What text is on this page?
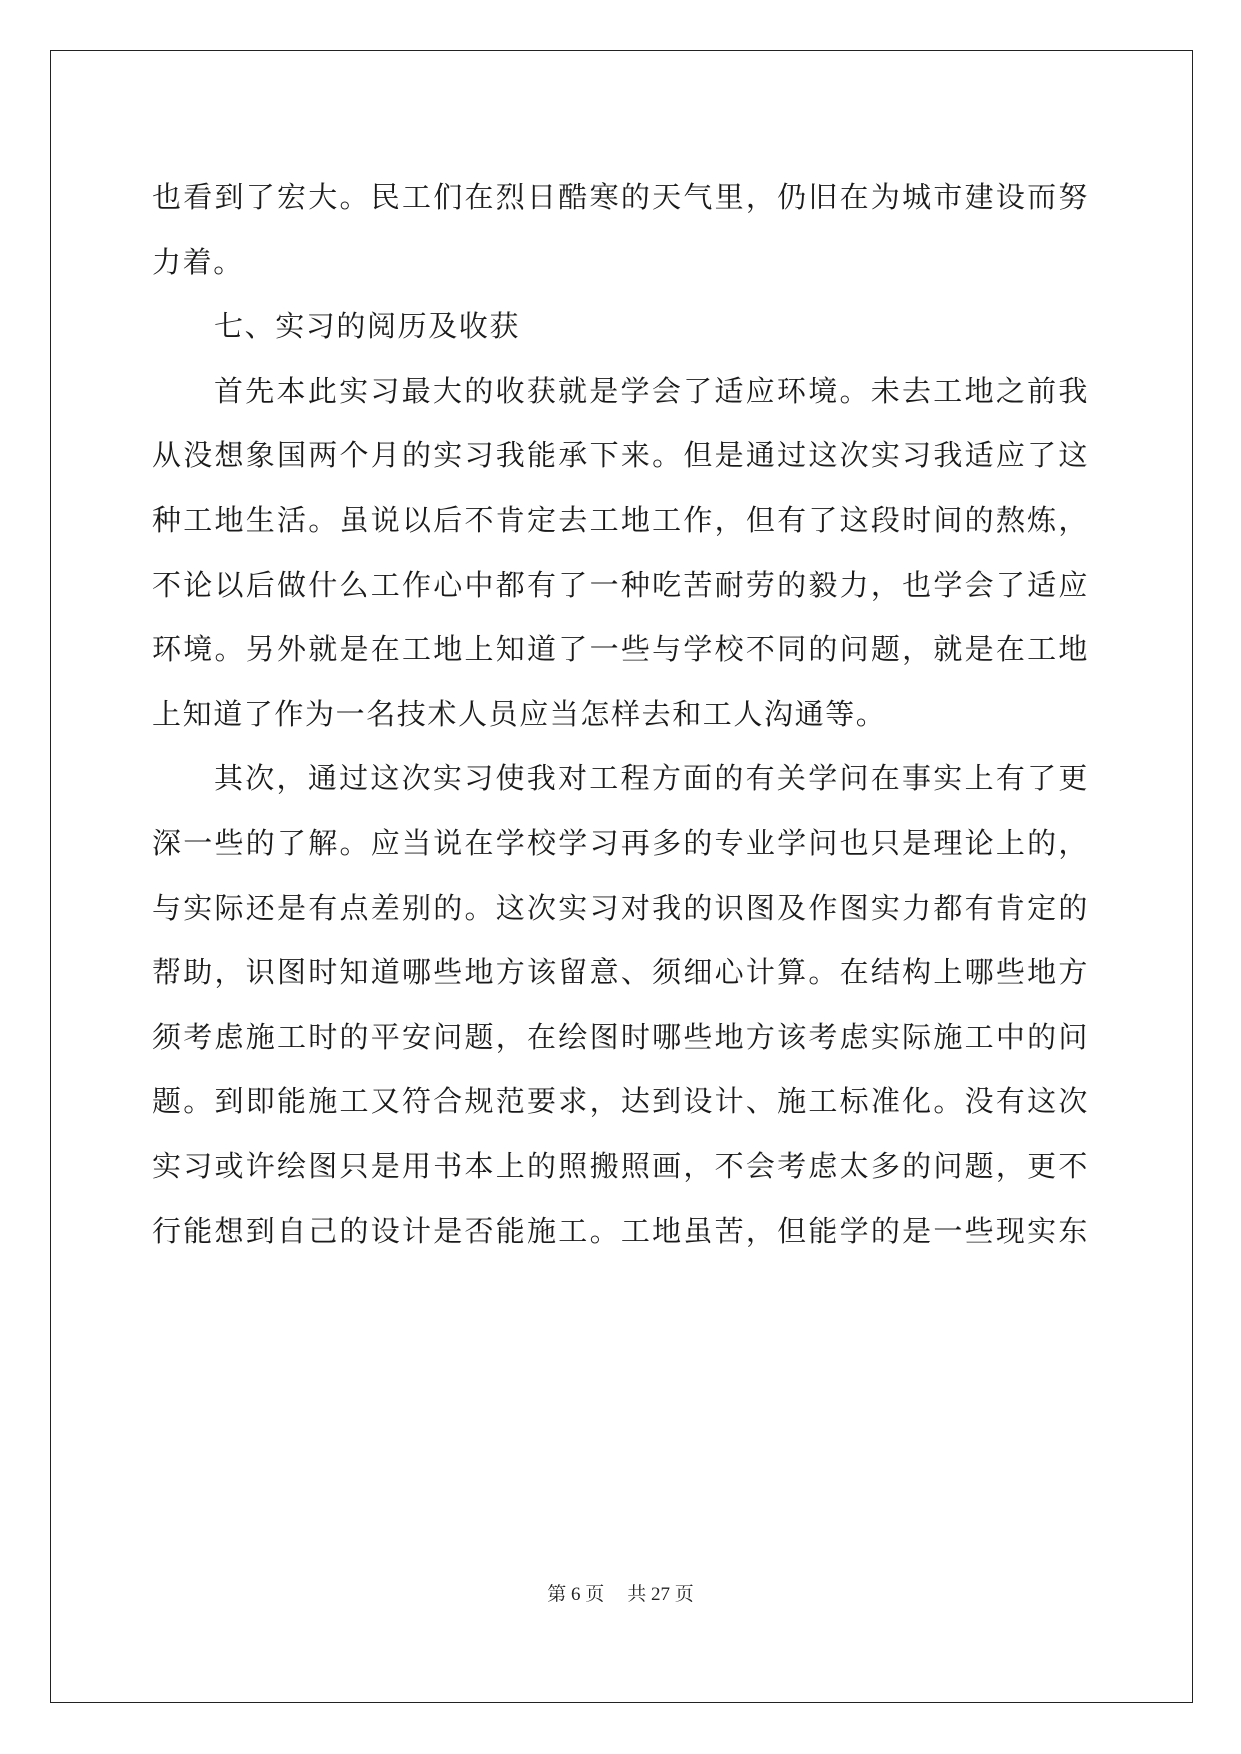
也看到了宏大。民工们在烈日酷寒的天气里，仍旧在为城市建设而努
力着。
七、实习的阅历及收获
首先本此实习最大的收获就是学会了适应环境。未去工地之前我
从没想象国两个月的实习我能承下来。但是通过这次实习我适应了这
种工地生活。虽说以后不肯定去工地工作，但有了这段时间的熬炼，
不论以后做什么工作心中都有了一种吃苦耐劳的毅力，也学会了适应
环境。另外就是在工地上知道了一些与学校不同的问题，就是在工地
上知道了作为一名技术人员应当怎样去和工人沟通等。
其次，通过这次实习使我对工程方面的有关学问在事实上有了更
深一些的了解。应当说在学校学习再多的专业学问也只是理论上的，
与实际还是有点差别的。这次实习对我的识图及作图实力都有肯定的
帮助，识图时知道哪些地方该留意、须细心计算。在结构上哪些地方
须考虑施工时的平安问题，在绘图时哪些地方该考虑实际施工中的问
题。到即能施工又符合规范要求，达到设计、施工标准化。没有这次
实习或许绘图只是用书本上的照搬照画，不会考虑太多的问题，更不
行能想到自己的设计是否能施工。工地虽苦，但能学的是一些现实东
第 6 页 共 27 页
